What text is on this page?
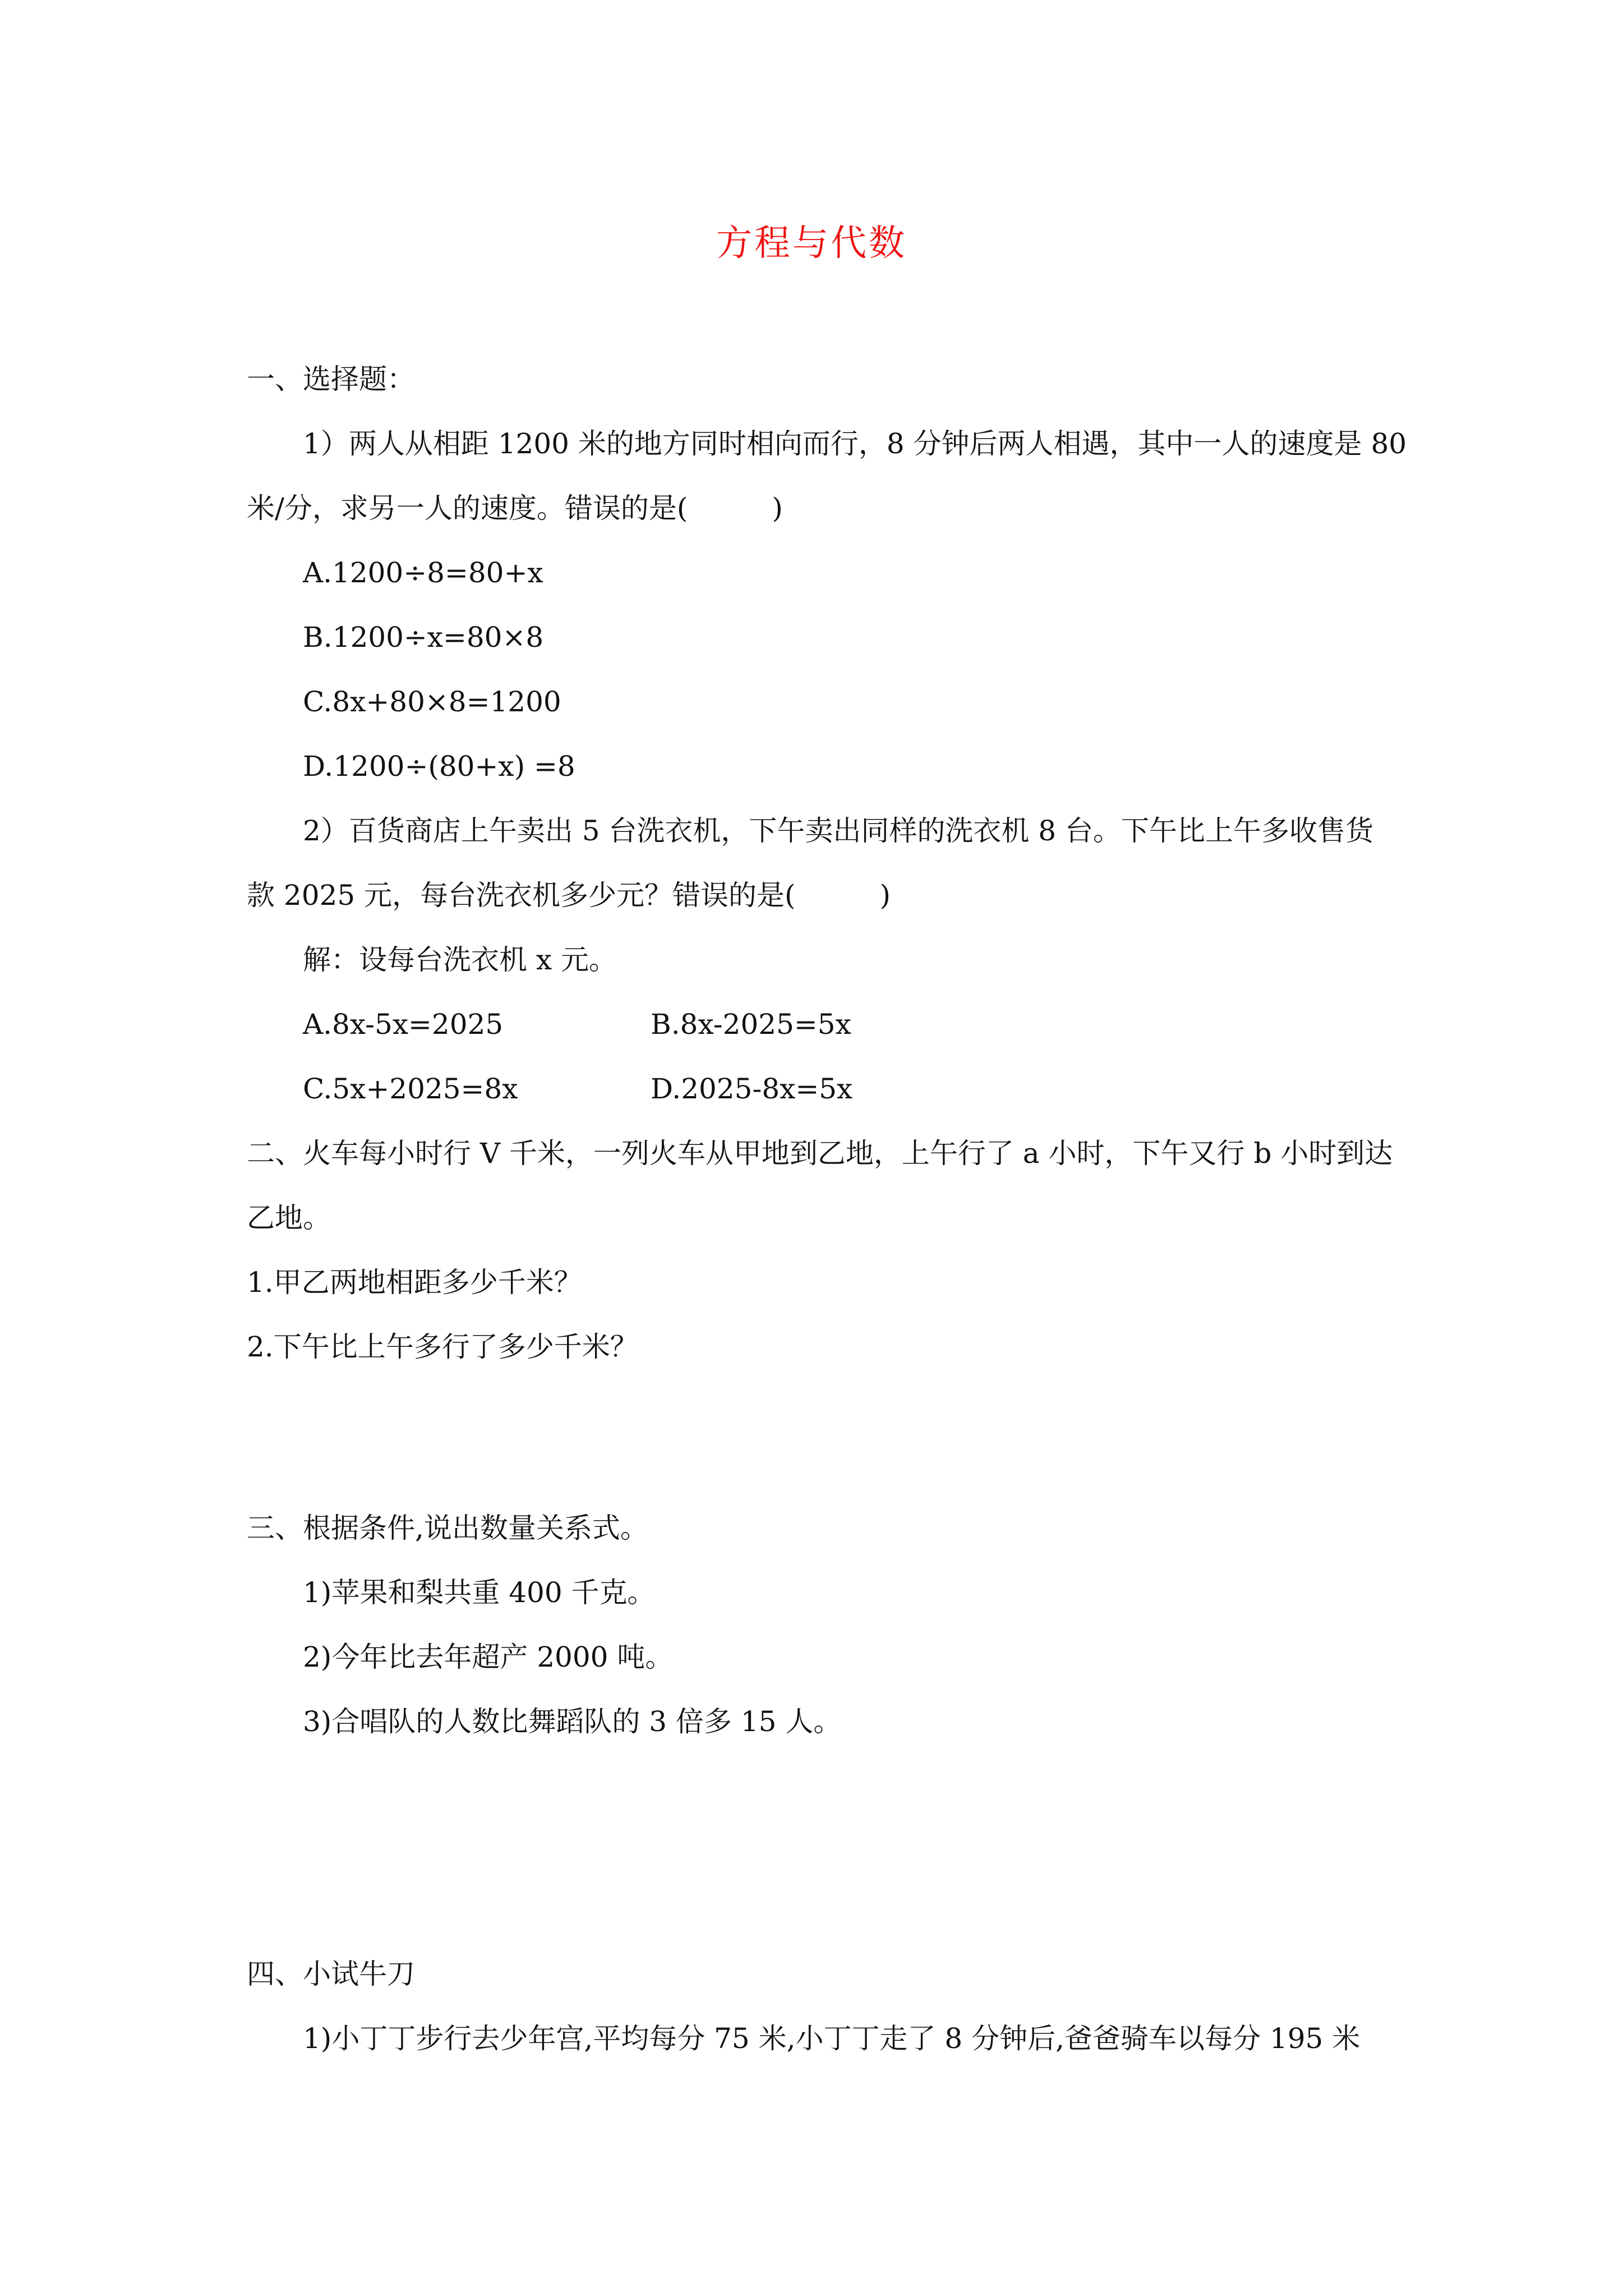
方程与代数
一、选择题：
1）两人从相距 1200 米的地方同时相向而行，8 分钟后两人相遇，其中一人的速度是 80
米/分，求另一人的速度。错误的是(　　　)
A.1200÷8=80+x
B.1200÷x=80×8
C.8x+80×8=1200
D.1200÷(80+x) =8
2）百货商店上午卖出 5 台洗衣机，下午卖出同样的洗衣机 8 台。下午比上午多收售货
款 2025 元，每台洗衣机多少元？错误的是(　　　)
解：设每台洗衣机 x 元。
A.8x-5x=2025	B.8x-2025=5x
C.5x+2025=8x	D.2025-8x=5x
二、火车每小时行 V 千米，一列火车从甲地到乙地，上午行了 a 小时，下午又行 b 小时到达
乙地。
1.甲乙两地相距多少千米？
2.下午比上午多行了多少千米？
三、根据条件,说出数量关系式。
1)苹果和梨共重 400 千克。
2)今年比去年超产 2000 吨。
3)合唱队的人数比舞蹈队的 3 倍多 15 人。
四、小试牛刀
1)小丁丁步行去少年宫,平均每分 75 米,小丁丁走了 8 分钟后,爸爸骑车以每分 195 米
